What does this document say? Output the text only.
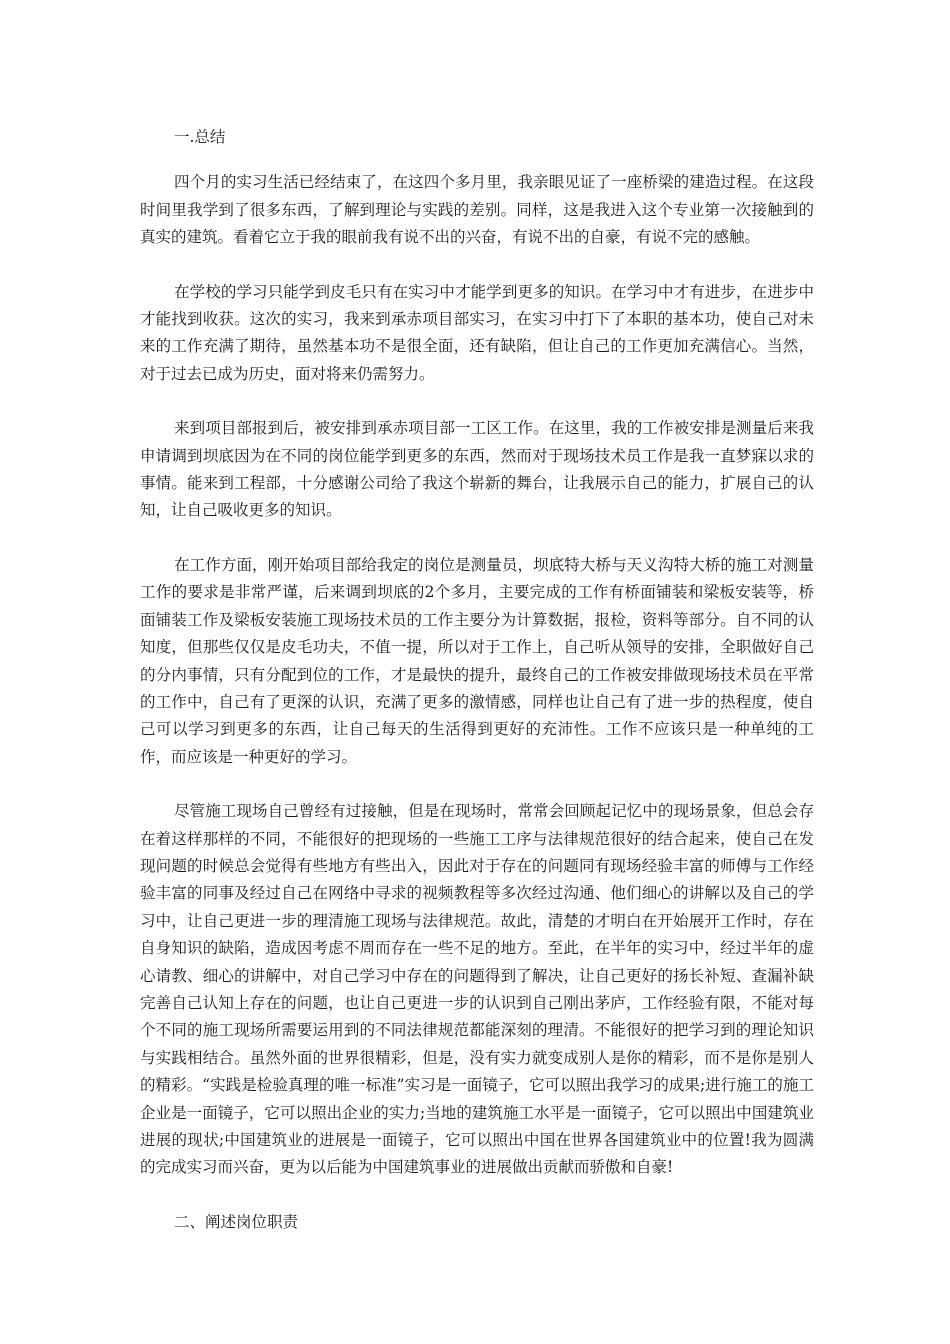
一.总结

四个月的实习生活已经结束了，在这四个多月里，我亲眼见证了一座桥梁的建造过程。在这段时间里我学到了很多东西，了解到理论与实践的差别。同样，这是我进入这个专业第一次接触到的真实的建筑。看着它立于我的眼前我有说不出的兴奋，有说不出的自豪，有说不完的感触。

在学校的学习只能学到皮毛只有在实习中才能学到更多的知识。在学习中才有进步，在进步中才能找到收获。这次的实习，我来到承赤项目部实习，在实习中打下了本职的基本功，使自己对未来的工作充满了期待，虽然基本功不是很全面，还有缺陷，但让自己的工作更加充满信心。当然，对于过去已成为历史，面对将来仍需努力。

来到项目部报到后，被安排到承赤项目部一工区工作。在这里，我的工作被安排是测量后来我申请调到坝底因为在不同的岗位能学到更多的东西，然而对于现场技术员工作是我一直梦寐以求的事情。能来到工程部，十分感谢公司给了我这个崭新的舞台，让我展示自己的能力，扩展自己的认知，让自己吸收更多的知识。

在工作方面，刚开始项目部给我定的岗位是测量员，坝底特大桥与天义沟特大桥的施工对测量工作的要求是非常严谨，后来调到坝底的2个多月，主要完成的工作有桥面铺装和梁板安装等，桥面铺装工作及梁板安装施工现场技术员的工作主要分为计算数据，报检，资料等部分。自不同的认知度，但那些仅仅是皮毛功夫，不值一提，所以对于工作上，自己听从领导的安排，全职做好自己的分内事情，只有分配到位的工作，才是最快的提升，最终自己的工作被安排做现场技术员在平常的工作中，自己有了更深的认识，充满了更多的激情感，同样也让自己有了进一步的热程度，使自己可以学习到更多的东西，让自己每天的生活得到更好的充沛性。工作不应该只是一种单纯的工作，而应该是一种更好的学习。

尽管施工现场自己曾经有过接触，但是在现场时，常常会回顾起记忆中的现场景象，但总会存在着这样那样的不同，不能很好的把现场的一些施工工序与法律规范很好的结合起来，使自己在发现问题的时候总会觉得有些地方有些出入，因此对于存在的问题同有现场经验丰富的师傅与工作经验丰富的同事及经过自己在网络中寻求的视频教程等多次经过沟通、他们细心的讲解以及自己的学习中，让自己更进一步的理清施工现场与法律规范。故此，清楚的才明白在开始展开工作时，存在自身知识的缺陷，造成因考虑不周而存在一些不足的地方。至此，在半年的实习中，经过半年的虚心请教、细心的讲解中，对自己学习中存在的问题得到了解决，让自己更好的扬长补短、查漏补缺完善自己认知上存在的问题，也让自己更进一步的认识到自己刚出茅庐，工作经验有限，不能对每个不同的施工现场所需要运用到的不同法律规范都能深刻的理清。不能很好的把学习到的理论知识与实践相结合。虽然外面的世界很精彩，但是，没有实力就变成别人是你的精彩，而不是你是别人的精彩。“实践是检验真理的唯一标准”实习是一面镜子，它可以照出我学习的成果;进行施工的施工企业是一面镜子，它可以照出企业的实力;当地的建筑施工水平是一面镜子，它可以照出中国建筑业进展的现状;中国建筑业的进展是一面镜子，它可以照出中国在世界各国建筑业中的位置!我为圆满的完成实习而兴奋，更为以后能为中国建筑事业的进展做出贡献而骄傲和自豪!

二、阐述岗位职责
